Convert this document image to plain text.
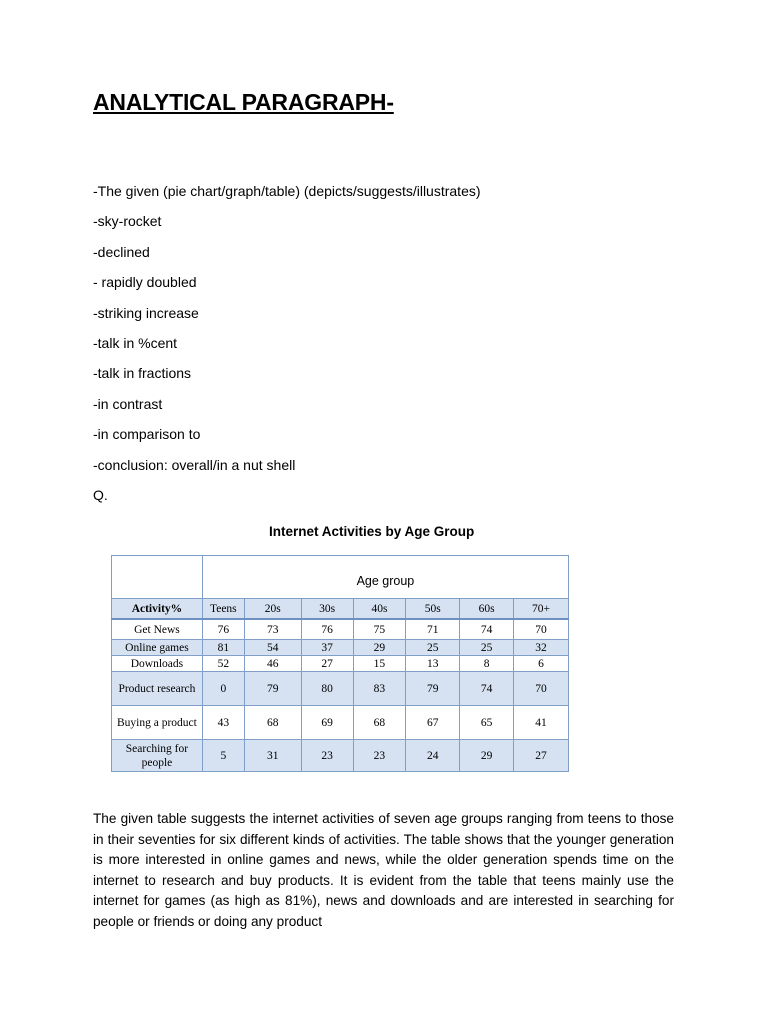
ANALYTICAL PARAGRAPH-

-The given (pie chart/graph/table) (depicts/suggests/illustrates)

-sky-rocket

-declined

- rapidly doubled

-striking increase

-talk in %cent

-talk in fractions

-in contrast

-in comparison to

-conclusion: overall/in a nut shell

Q.

Internet Activities by Age Group
	Age group						
Activity%	Teens	20s	30s	40s	50s	60s	70+
Get News	76	73	76	75	71	74	70
Online games	81	54	37	29	25	25	32
Downloads	52	46	27	15	13	8	6
Product research	0	79	80	83	79	74	70
Buying a product	43	68	69	68	67	65	41
Searching for people	5	31	23	23	24	29	27

The given table suggests the internet activities of seven age groups ranging from teens to those in their seventies for six different kinds of activities. The table shows that the younger generation is more interested in online games and news, while the older generation spends time on the internet to research and buy products. It is evident from the table that teens mainly use the internet for games (as high as 81%), news and downloads and are interested in searching for people or friends or doing any product
